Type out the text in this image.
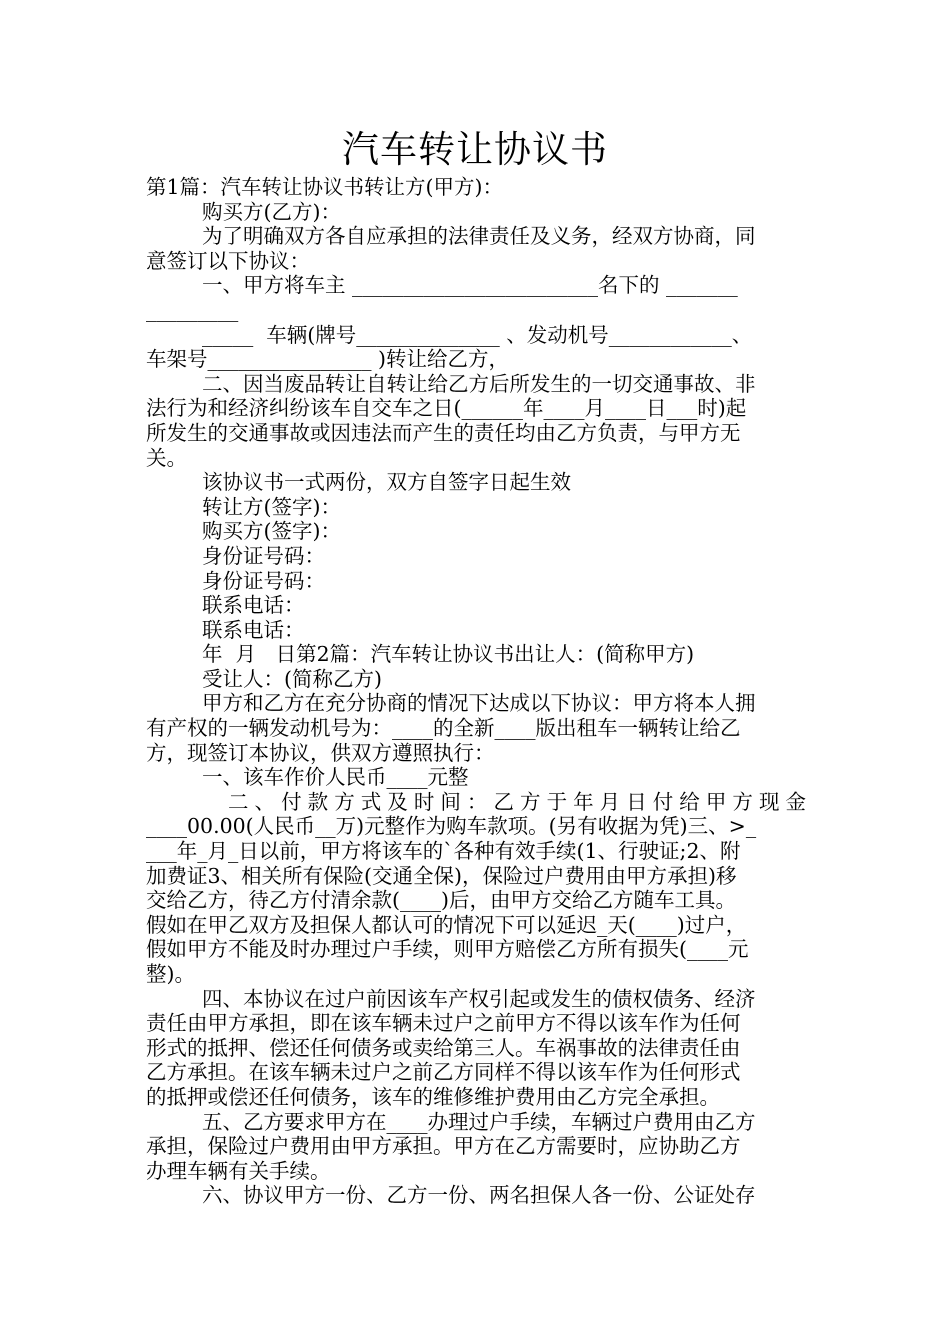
汽车转让协议书
第1篇：汽车转让协议书转让方(甲方)：
购买方(乙方)：
为了明确双方各自应承担的法律责任及义务，经双方协商，同
意签订以下协议：
一、甲方将车主 ________________________名下的 _______
_________
_____  车辆(牌号______________ 、发动机号____________、
车架号________________ )转让给乙方，
二、因当废品转让自转让给乙方后所发生的一切交通事故、非
法行为和经济纠纷该车自交车之日(______年____月____日___时)起
所发生的交通事故或因违法而产生的责任均由乙方负责，与甲方无
关。
该协议书一式两份，双方自签字日起生效
转让方(签字)：
购买方(签字)：
身份证号码：
身份证号码：
联系电话：
联系电话：
年  月   日第2篇：汽车转让协议书出让人：(简称甲方)
受让人：(简称乙方)
甲方和乙方在充分协商的情况下达成以下协议：甲方将本人拥
有产权的一辆发动机号为：____的全新____版出租车一辆转让给乙
方，现签订本协议，供双方遵照执行：
一、该车作价人民币____元整
二、付款方式及时间：乙方于年月日付给甲方现金
____00.00(人民币__万)元整作为购车款项。(另有收据为凭)三、>_
___年_月_日以前，甲方将该车的`各种有效手续(1、行驶证;2、附
加费证3、相关所有保险(交通全保)，保险过户费用由甲方承担)移
交给乙方，待乙方付清余款(____)后，由甲方交给乙方随车工具。
假如在甲乙双方及担保人都认可的情况下可以延迟_天(____)过户，
假如甲方不能及时办理过户手续，则甲方赔偿乙方所有损失(____元
整)。
四、本协议在过户前因该车产权引起或发生的债权债务、经济
责任由甲方承担，即在该车辆未过户之前甲方不得以该车作为任何
形式的抵押、偿还任何债务或卖给第三人。车祸事故的法律责任由
乙方承担。在该车辆未过户之前乙方同样不得以该车作为任何形式
的抵押或偿还任何债务，该车的维修维护费用由乙方完全承担。
五、乙方要求甲方在____办理过户手续，车辆过户费用由乙方
承担，保险过户费用由甲方承担。甲方在乙方需要时，应协助乙方
办理车辆有关手续。
六、协议甲方一份、乙方一份、两名担保人各一份、公证处存
